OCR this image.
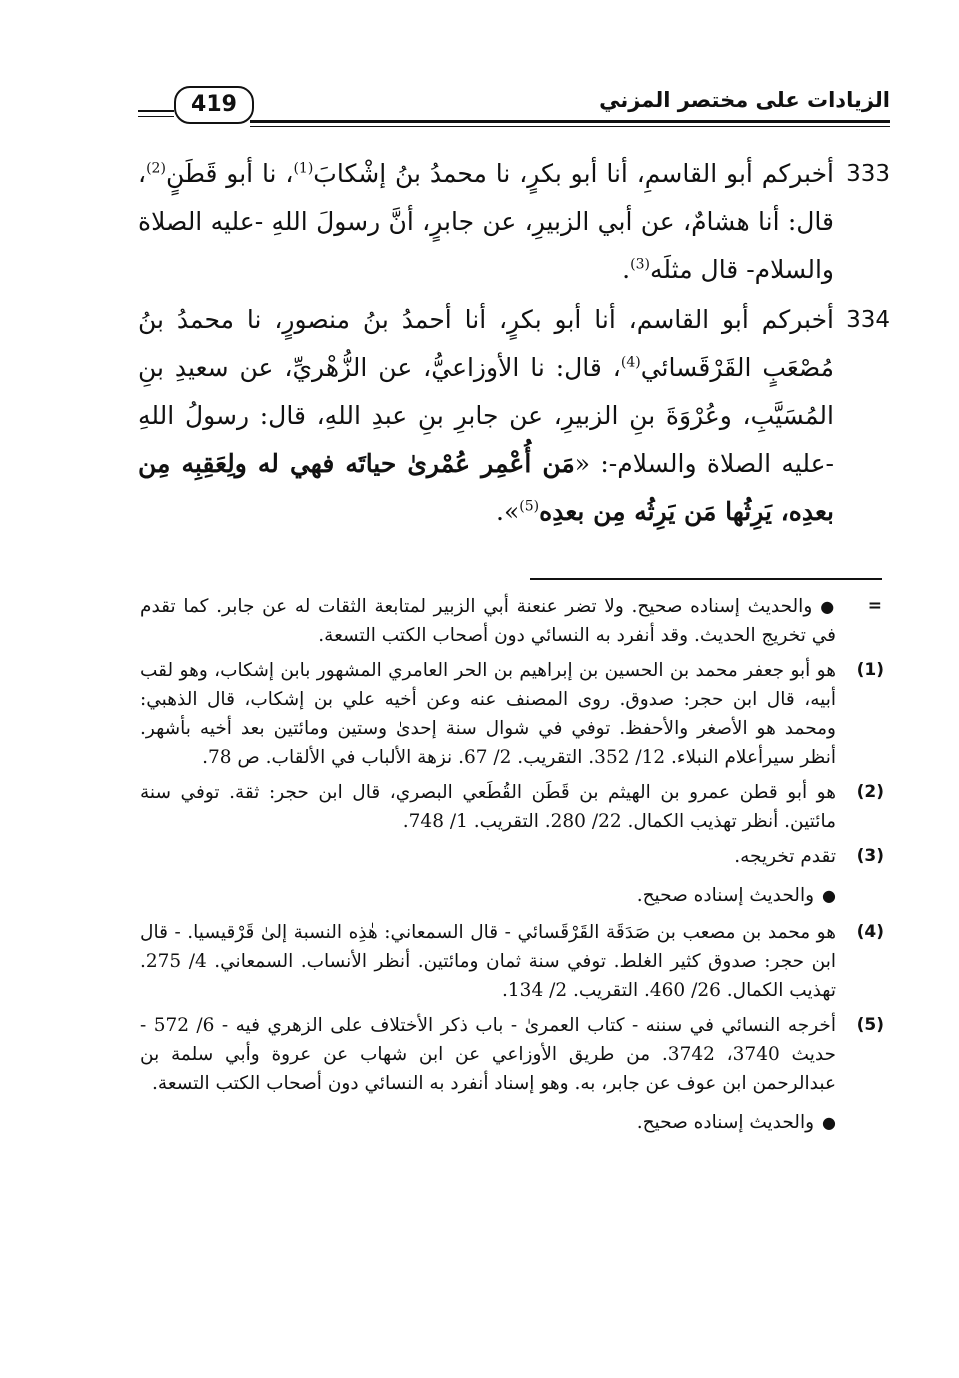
419	الزيادات على مختصر المزني
333
أخبركم أبو القاسمِ، أنا أبو بكرٍ، نا محمدُ بنُ إشْكابَ$^{(1)}$، نا أبو قَطَنٍ$^{(2)}$، قال: أنا هشامٌ، عن أبي الزبيرِ، عن جابرٍ، أنَّ رسولَ اللهِ -عليه الصلاة والسلام- قال مثلَه$^{(3)}$.
334
أخبركم أبو القاسم، أنا أبو بكرٍ، أنا أحمدُ بنُ منصورٍ، نا محمدُ بنُ مُصْعَبٍ القَرْقَسائي$^{(4)}$، قال: نا الأوزاعيُّ، عن الزُّهْريِّ، عن سعيدِ بنِ المُسَيَّبِ، وعُرْوَةَ بنِ الزبيرِ، عن جابرِ بنِ عبدِ اللهِ، قال: رسولُ اللهِ -عليه الصلاة والسلام-: «مَن أُعْمِر عُمْرىٰ حياتَه فهي له ولِعَقِبِه مِن بعدِه، يَرِثُها مَن يَرِثُه مِن بعدِه$^{(5)}$».
=
●والحديث إسناده صحيح. ولا تضر عنعنة أبي الزبير لمتابعة الثقات له عن جابر. كما تقدم في تخريج الحديث. وقد أنفرد به النسائي دون أصحاب الكتب التسعة.
(1)
هو أبو جعفر محمد بن الحسين بن إبراهيم بن الحر العامري المشهور بابن إشكاب، وهو لقب أبيه، قال ابن حجر: صدوق. روى المصنف عنه وعن أخيه علي بن إشكاب، قال الذهبي: ومحمد هو الأصغر والأحفظ. توفي في شوال سنة إحدىٰ وستين ومائتين بعد أخيه بأشهر. أنظر سيرأعلام النبلاء. 12/ 352. التقريب. 2/ 67. نزهة الألباب في الألقاب. ص 78.
(2)
هو أبو قطن عمرو بن الهيثم بن قَطَن القُطَعي البصري، قال ابن حجر: ثقة. توفي سنة مائتين. أنظر تهذيب الكمال. 22/ 280. التقريب. 1/ 748.
(3)
تقدم تخريجه.
●والحديث إسناده صحيح.
(4)
هو محمد بن مصعب بن صَدَقَة القَرْقَسائي - قال السمعاني: هٰذِه النسبة إلىٰ قَرْقيسيا. - قال ابن حجر: صدوق كثير الغلط. توفي سنة ثمان ومائتين. أنظر الأنساب. السمعاني. 4/ 275. تهذيب الكمال. 26/ 460. التقريب. 2/ 134.
(5)
أخرجه النسائي في سننه - كتاب العمرىٰ - باب ذكر الأختلاف على الزهري فيه - 6/ 572 - حديث 3740، 3742. من طريق الأوزاعي عن ابن شهاب عن عروة وأبي سلمة بن عبدالرحمن ابن عوف عن جابر، به. وهو إسناد أنفرد به النسائي دون أصحاب الكتب التسعة.
●والحديث إسناده صحيح.
